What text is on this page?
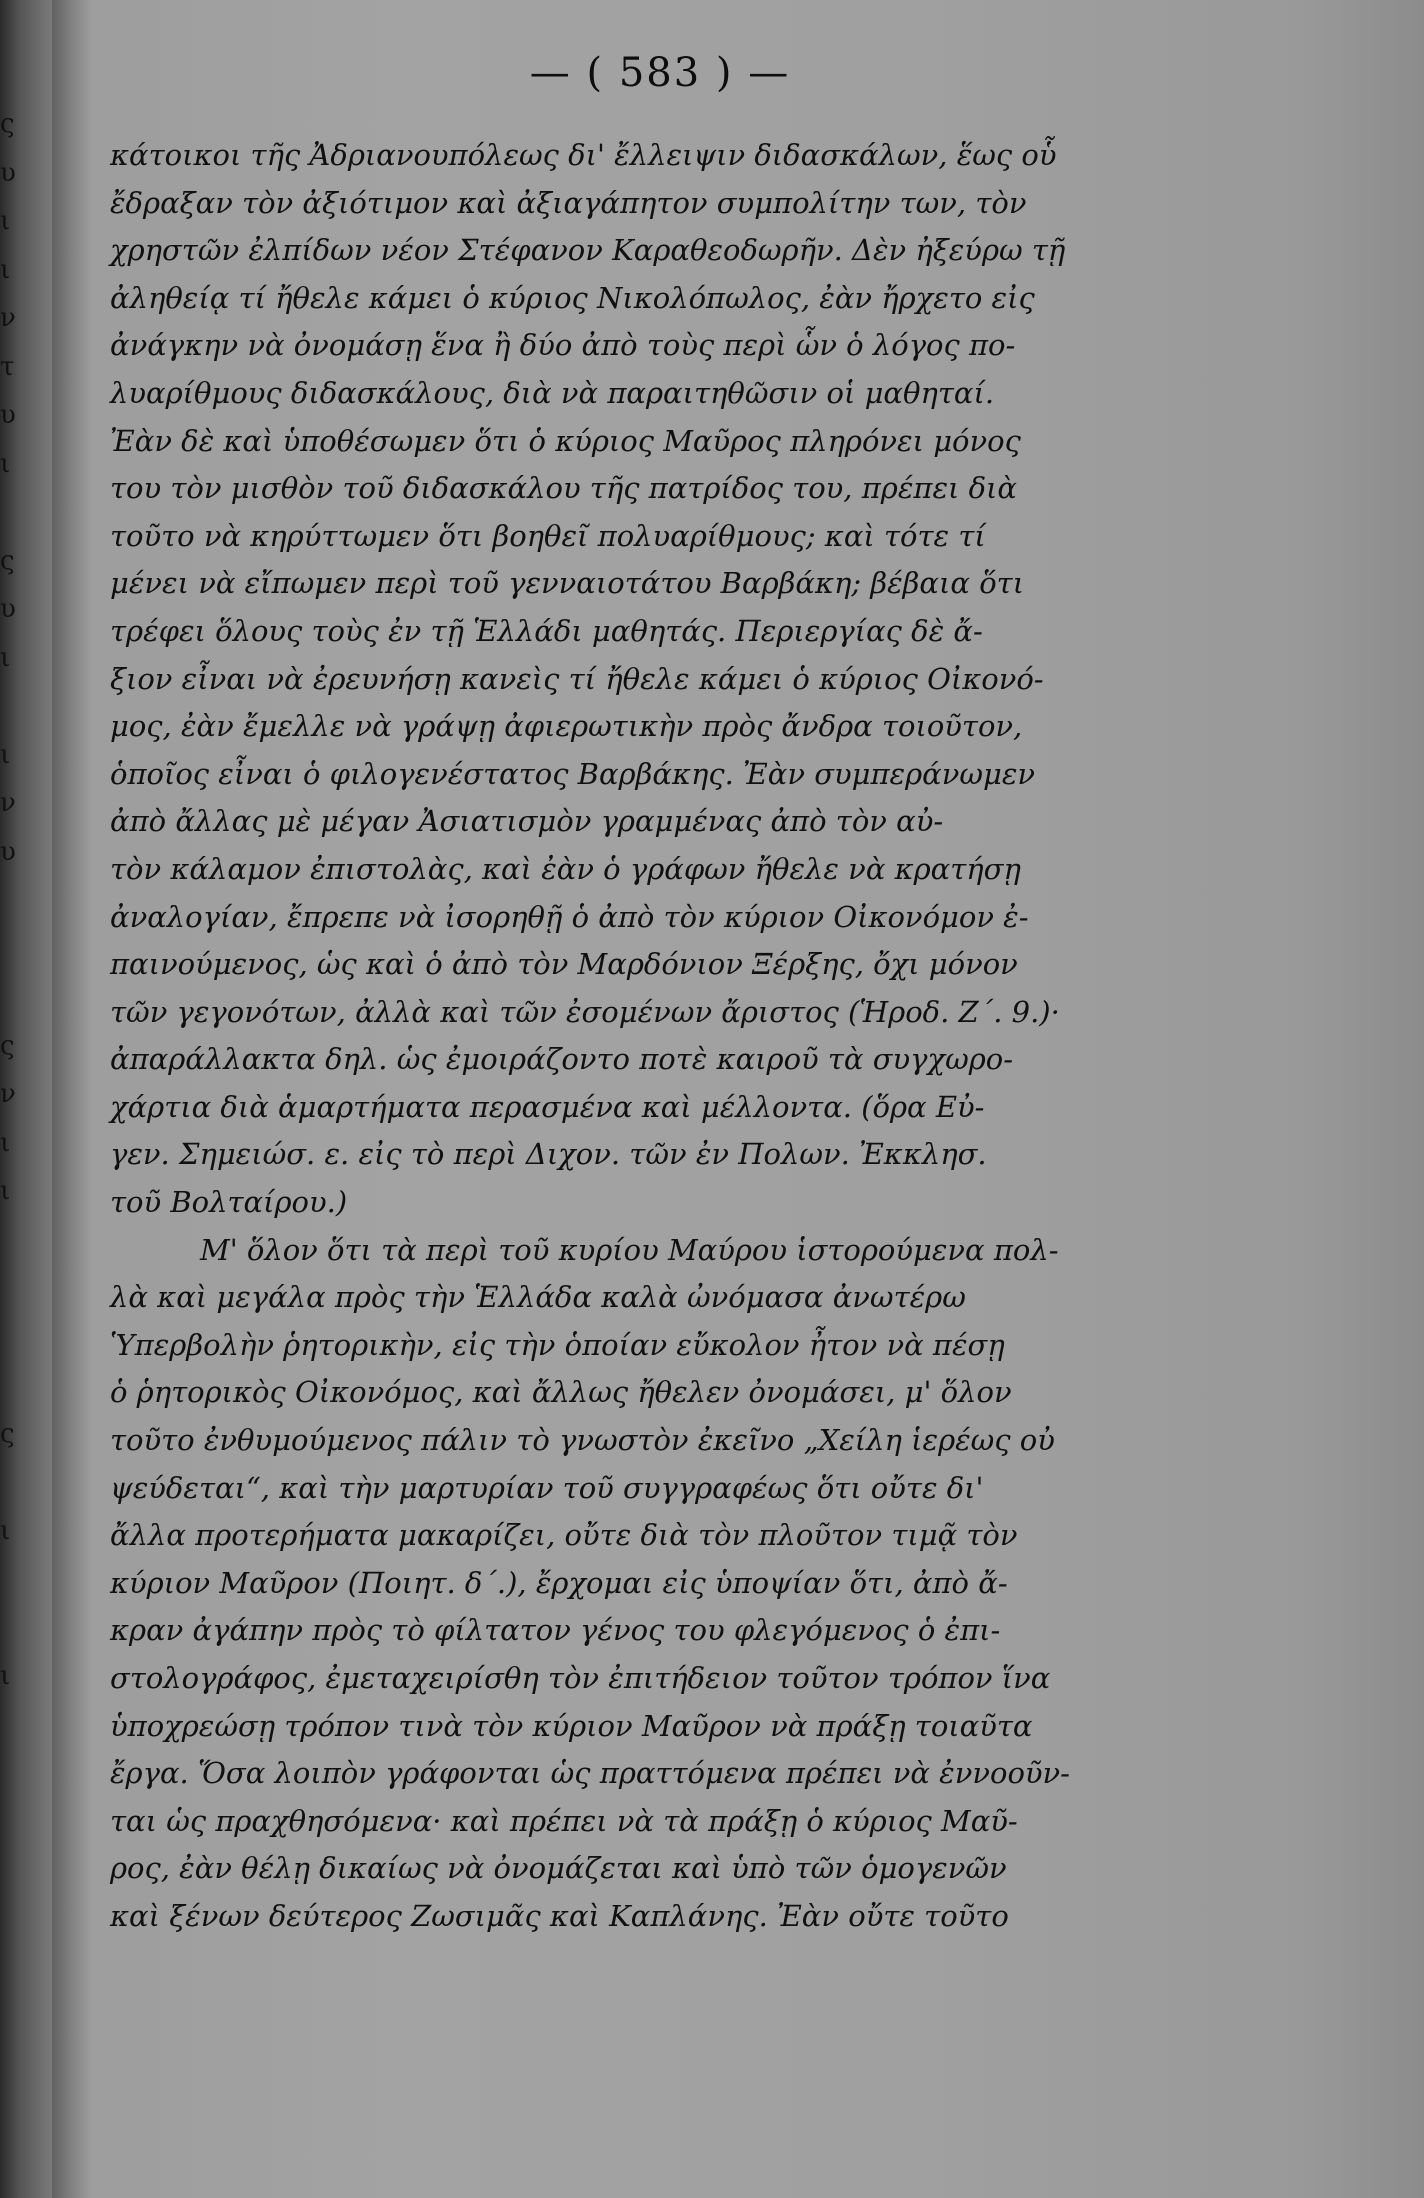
ς
υ
ι
ι
ν
τ
υ
ι

ς
υ
ι

ι
ν
υ

ς
ν
ι
ι

ς

ι

ι
— ( 583 ) —
κάτοικοι τῆς Ἀδριανουπόλεως δι' ἔλλειψιν διδασκάλων, ἕως οὗ
ἔδραξαν τὸν ἀξιότιμον καὶ ἀξιαγάπητον συμπολίτην των, τὸν
χρηστῶν ἐλπίδων νέον Στέφανον Καραθεοδωρῆν. Δὲν ἠξεύρω τῇ
ἀληθείᾳ τί ἤθελε κάμει ὁ κύριος Νικολόπωλος, ἐὰν ἤρχετο εἰς
ἀνάγκην νὰ ὀνομάσῃ ἕνα ἢ δύο ἀπὸ τοὺς περὶ ὧν ὁ λόγος πο-
λυαρίθμους διδασκάλους, διὰ νὰ παραιτηθῶσιν οἱ μαθηταί.
Ἐὰν δὲ καὶ ὑποθέσωμεν ὅτι ὁ κύριος Μαῦρος πληρόνει μόνος
του τὸν μισθὸν τοῦ διδασκάλου τῆς πατρίδος του, πρέπει διὰ
τοῦτο νὰ κηρύττωμεν ὅτι βοηθεῖ πολυαρίθμους; καὶ τότε τί
μένει νὰ εἴπωμεν περὶ τοῦ γενναιοτάτου Βαρβάκη; βέβαια ὅτι
τρέφει ὅλους τοὺς ἐν τῇ Ἑλλάδι μαθητάς. Περιεργίας δὲ ἄ-
ξιον εἶναι νὰ ἐρευνήσῃ κανεὶς τί ἤθελε κάμει ὁ κύριος Οἰκονό-
μος, ἐὰν ἔμελλε νὰ γράψῃ ἀφιερωτικὴν πρὸς ἄνδρα τοιοῦτον,
ὁποῖος εἶναι ὁ φιλογενέστατος Βαρβάκης. Ἐὰν συμπεράνωμεν
ἀπὸ ἄλλας μὲ μέγαν Ἀσιατισμὸν γραμμένας ἀπὸ τὸν αὐ-
τὸν κάλαμον ἐπιστολὰς, καὶ ἐὰν ὁ γράφων ἤθελε νὰ κρατήσῃ
ἀναλογίαν, ἔπρεπε νὰ ἰσορηθῇ ὁ ἀπὸ τὸν κύριον Οἰκονόμον ἐ-
παινούμενος, ὡς καὶ ὁ ἀπὸ τὸν Μαρδόνιον Ξέρξης, ὄχι μόνον
τῶν γεγονότων, ἀλλὰ καὶ τῶν ἐσομένων ἄριστος (Ἡροδ. Ζ΄. 9.)·
ἀπαράλλακτα δηλ. ὡς ἐμοιράζοντο ποτὲ καιροῦ τὰ συγχωρο-
χάρτια διὰ ἁμαρτήματα περασμένα καὶ μέλλοντα. (ὅρα Εὐ-
γεν. Σημειώσ. ε. εἰς τὸ περὶ Διχον. τῶν ἐν Πολων. Ἐκκλησ.
τοῦ Βολταίρου.)
Μ' ὅλον ὅτι τὰ περὶ τοῦ κυρίου Μαύρου ἱστορούμενα πολ-
λὰ καὶ μεγάλα πρὸς τὴν Ἑλλάδα καλὰ ὠνόμασα ἀνωτέρω
Ὑπερβολὴν ῥητορικὴν, εἰς τὴν ὁποίαν εὔκολον ἦτον νὰ πέσῃ
ὁ ῥητορικὸς Οἰκονόμος, καὶ ἄλλως ἤθελεν ὀνομάσει, μ' ὅλον
τοῦτο ἐνθυμούμενος πάλιν τὸ γνωστὸν ἐκεῖνο „Χείλη ἱερέως οὐ
ψεύδεται“, καὶ τὴν μαρτυρίαν τοῦ συγγραφέως ὅτι οὔτε δι'
ἄλλα προτερήματα μακαρίζει, οὔτε διὰ τὸν πλοῦτον τιμᾷ τὸν
κύριον Μαῦρον (Ποιητ. δ΄.), ἔρχομαι εἰς ὑποψίαν ὅτι, ἀπὸ ἄ-
κραν ἀγάπην πρὸς τὸ φίλτατον γένος του φλεγόμενος ὁ ἐπι-
στολογράφος, ἐμεταχειρίσθη τὸν ἐπιτήδειον τοῦτον τρόπον ἵνα
ὑποχρεώσῃ τρόπον τινὰ τὸν κύριον Μαῦρον νὰ πράξῃ τοιαῦτα
ἔργα. Ὅσα λοιπὸν γράφονται ὡς πραττόμενα πρέπει νὰ ἐννοοῦν-
ται ὡς πραχθησόμενα· καὶ πρέπει νὰ τὰ πράξῃ ὁ κύριος Μαῦ-
ρος, ἐὰν θέλῃ δικαίως νὰ ὀνομάζεται καὶ ὑπὸ τῶν ὁμογενῶν
καὶ ξένων δεύτερος Ζωσιμᾶς καὶ Καπλάνης. Ἐὰν οὔτε τοῦτο
